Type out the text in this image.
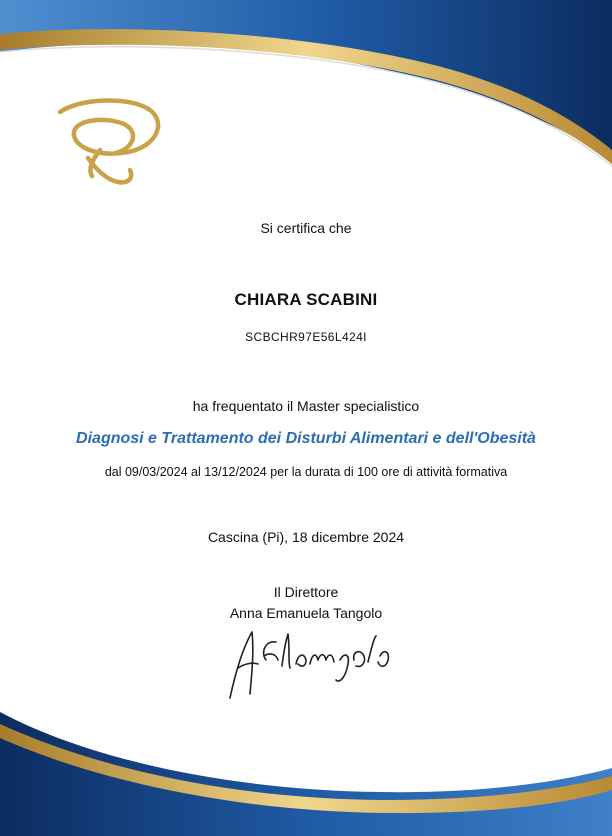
Si certifica che
CHIARA SCABINI
SCBCHR97E56L424I
ha frequentato il Master specialistico
Diagnosi e Trattamento dei Disturbi Alimentari e dell'Obesità
dal 09/03/2024 al 13/12/2024 per la durata di 100 ore di attività formativa
Cascina (Pi), 18 dicembre 2024
Il Direttore
Anna Emanuela Tangolo
